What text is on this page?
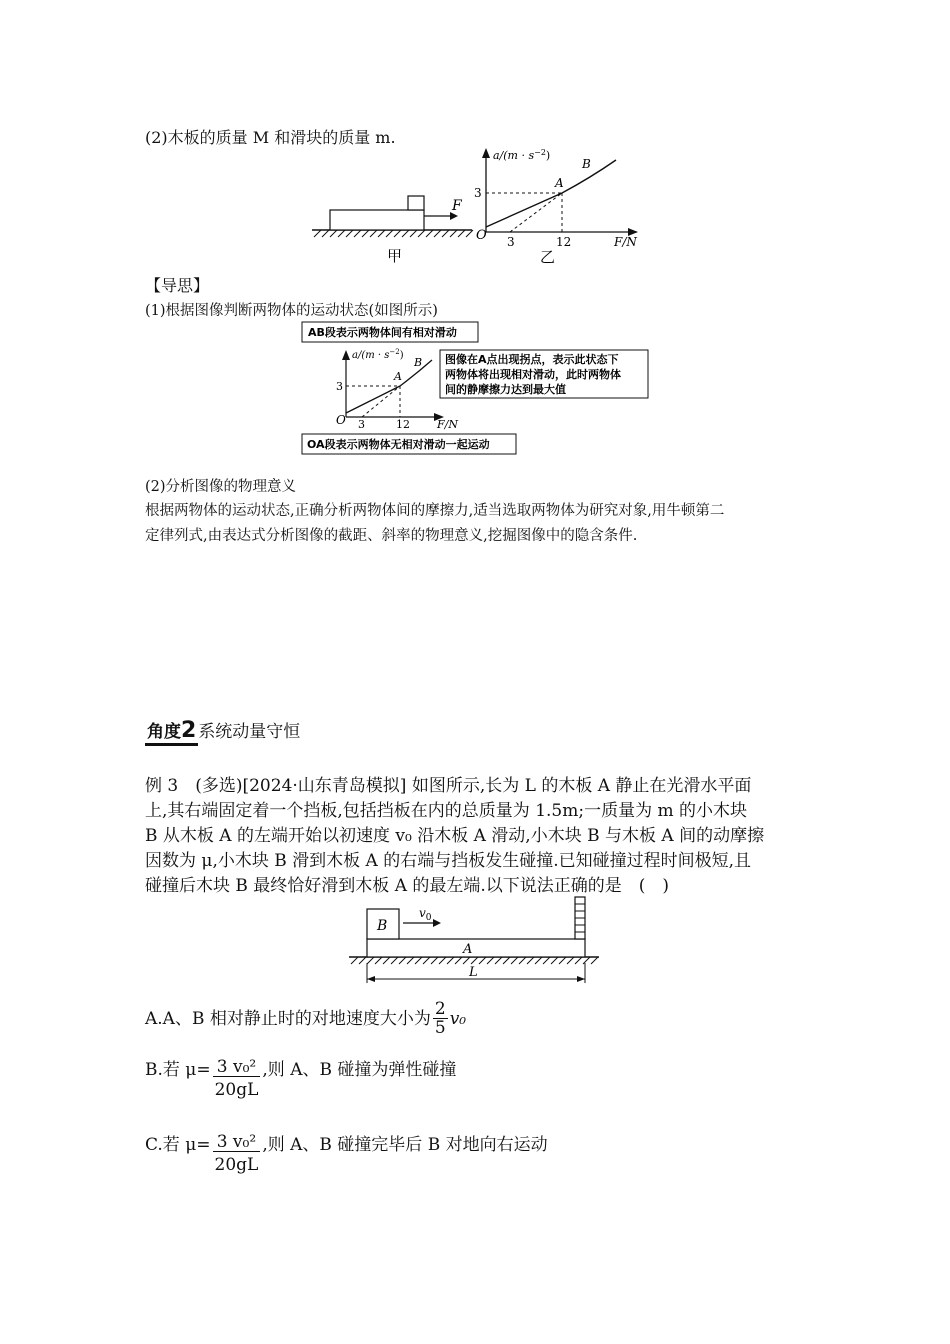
(2)木板的质量 M 和滑块的质量 m.
F
甲
$a/(m \cdot s^{-2})$
O
3
3	12	F/N
A
B
乙
【导思】
(1)根据图像判断两物体的运动状态(如图所示)
AB段表示两物体间有相对滑动
$a/(m \cdot s^{-2})$
O
3
3	12 F/N
A
B 图像在A点出现拐点，表示此状态下
两物体将出现相对滑动，此时两物体
间的静摩擦力达到最大值
OA段表示两物体无相对滑动一起运动
(2)分析图像的物理意义
根据两物体的运动状态,正确分析两物体间的摩擦力,适当选取两物体为研究对象,用牛顿第二
定律列式,由表达式分析图像的截距、斜率的物理意义,挖掘图像中的隐含条件.
角度2 系统动量守恒
例 3　(多选)[2024·山东青岛模拟] 如图所示,长为 L 的木板 A 静止在光滑水平面
上,其右端固定着一个挡板,包括挡板在内的总质量为 1.5m;一质量为 m 的小木块
B 从木板 A 的左端开始以初速度 v₀ 沿木板 A 滑动,小木块 B 与木板 A 间的动摩擦
因数为 μ,小木块 B 滑到木板 A 的右端与挡板发生碰撞.已知碰撞过程时间极短,且
碰撞后木块 B 最终恰好滑到木板 A 的最左端.以下说法正确的是　(　)
B
$v_0$
A
L
A.A、B 相对静止时的对地速度大小为 $\frac{2}{5} v_0$
B.若 $\mu= \frac{\text{3 v₀²}}{20gL}$ ,则 A、B 碰撞为弹性碰撞
C.若 $\mu= \frac{\text{3 v₀²}}{20gL}$ ,则 A、B 碰撞完毕后 B 对地向右运动
